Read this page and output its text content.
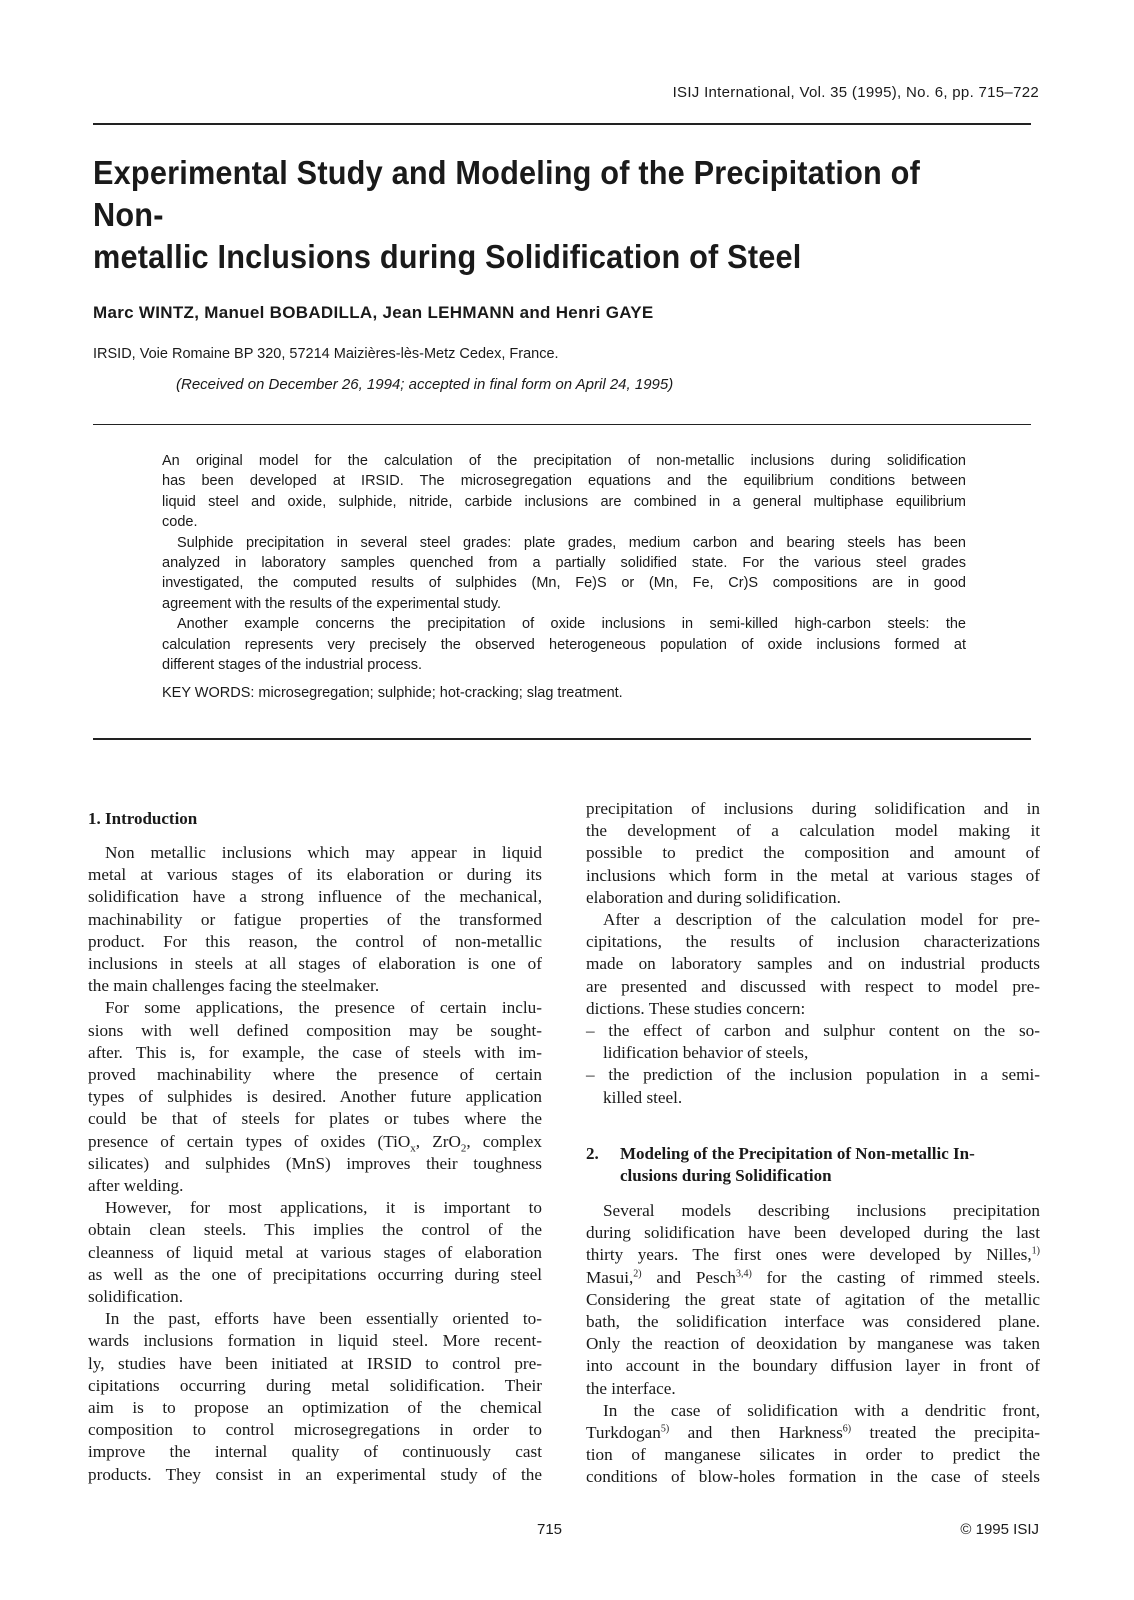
ISIJ International, Vol. 35 (1995), No. 6, pp. 715–722
Experimental Study and Modeling of the Precipitation of Non-
metallic Inclusions during Solidification of Steel
Marc WINTZ, Manuel BOBADILLA, Jean LEHMANN and Henri GAYE
IRSID, Voie Romaine BP 320, 57214 Maizières-lès-Metz Cedex, France.
(Received on December 26, 1994; accepted in final form on April 24, 1995)
An original model for the calculation of the precipitation of non-metallic inclusions during solidification
has been developed at IRSID. The microsegregation equations and the equilibrium conditions between
liquid steel and oxide, sulphide, nitride, carbide inclusions are combined in a general multiphase equilibrium
code.
Sulphide precipitation in several steel grades: plate grades, medium carbon and bearing steels has been
analyzed in laboratory samples quenched from a partially solidified state. For the various steel grades
investigated, the computed results of sulphides (Mn, Fe)S or (Mn, Fe, Cr)S compositions are in good
agreement with the results of the experimental study.
Another example concerns the precipitation of oxide inclusions in semi-killed high-carbon steels: the
calculation represents very precisely the observed heterogeneous population of oxide inclusions formed at
different stages of the industrial process.
KEY WORDS: microsegregation; sulphide; hot-cracking; slag treatment.
1. Introduction
Non metallic inclusions which may appear in liquid
metal at various stages of its elaboration or during its
solidification have a strong influence of the mechanical,
machinability or fatigue properties of the transformed
product. For this reason, the control of non-metallic
inclusions in steels at all stages of elaboration is one of
the main challenges facing the steelmaker.
For some applications, the presence of certain inclu-
sions with well defined composition may be sought-
after. This is, for example, the case of steels with im-
proved machinability where the presence of certain
types of sulphides is desired. Another future application
could be that of steels for plates or tubes where the
presence of certain types of oxides (TiO$_x$, ZrO$_2$, complex
silicates) and sulphides (MnS) improves their toughness
after welding.
However, for most applications, it is important to
obtain clean steels. This implies the control of the
cleanness of liquid metal at various stages of elaboration
as well as the one of precipitations occurring during steel
solidification.
In the past, efforts have been essentially oriented to-
wards inclusions formation in liquid steel. More recent-
ly, studies have been initiated at IRSID to control pre-
cipitations occurring during metal solidification. Their
aim is to propose an optimization of the chemical
composition to control microsegregations in order to
improve the internal quality of continuously cast
products. They consist in an experimental study of the
precipitation of inclusions during solidification and in
the development of a calculation model making it
possible to predict the composition and amount of
inclusions which form in the metal at various stages of
elaboration and during solidification.
After a description of the calculation model for pre-
cipitations, the results of inclusion characterizations
made on laboratory samples and on industrial products
are presented and discussed with respect to model pre-
dictions. These studies concern:
– the effect of carbon and sulphur content on the so-
lidification behavior of steels,
– the prediction of the inclusion population in a semi-
killed steel.
2.	Modeling of the Precipitation of Non-metallic In-
clusions during Solidification
Several models describing inclusions precipitation
during solidification have been developed during the last
thirty years. The first ones were developed by Nilles,$^{1)}$
Masui,$^{2)}$ and Pesch$^{3,4)}$ for the casting of rimmed steels.
Considering the great state of agitation of the metallic
bath, the solidification interface was considered plane.
Only the reaction of deoxidation by manganese was taken
into account in the boundary diffusion layer in front of
the interface.
In the case of solidification with a dendritic front,
Turkdogan$^{5)}$ and then Harkness$^{6)}$ treated the precipita-
tion of manganese silicates in order to predict the
conditions of blow-holes formation in the case of steels
715	© 1995 ISIJ
